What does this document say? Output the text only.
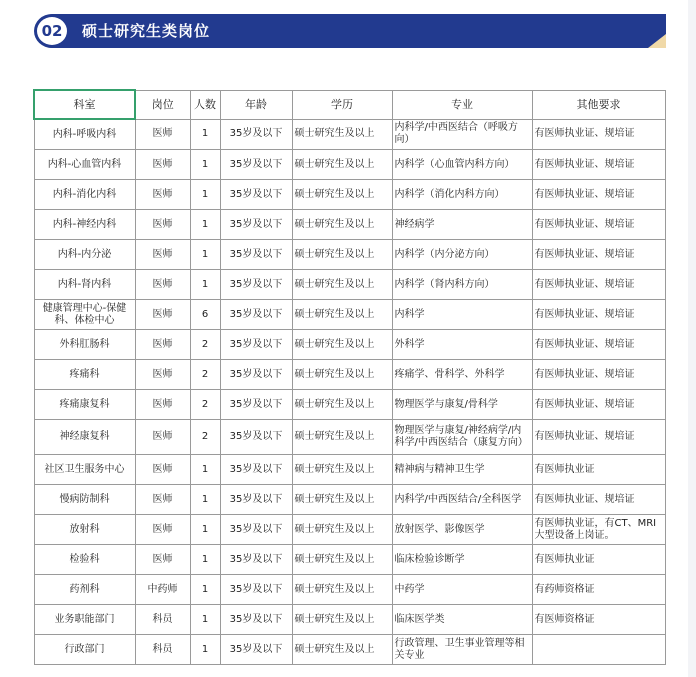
02 硕士研究生类岗位
科室	岗位	人数	年龄	学历	专业	其他要求
内科-呼吸内科	医师	1	35岁及以下	硕士研究生及以上	内科学/中西医结合（呼吸方向）	有医师执业证、规培证
内科-心血管内科	医师	1	35岁及以下	硕士研究生及以上	内科学（心血管内科方向）	有医师执业证、规培证
内科-消化内科	医师	1	35岁及以下	硕士研究生及以上	内科学（消化内科方向）	有医师执业证、规培证
内科-神经内科	医师	1	35岁及以下	硕士研究生及以上	神经病学	有医师执业证、规培证
内科-内分泌	医师	1	35岁及以下	硕士研究生及以上	内科学（内分泌方向）	有医师执业证、规培证
内科-肾内科	医师	1	35岁及以下	硕士研究生及以上	内科学（肾内科方向）	有医师执业证、规培证
健康管理中心-保健科、体检中心	医师	6	35岁及以下	硕士研究生及以上	内科学	有医师执业证、规培证
外科肛肠科	医师	2	35岁及以下	硕士研究生及以上	外科学	有医师执业证、规培证
疼痛科	医师	2	35岁及以下	硕士研究生及以上	疼痛学、骨科学、外科学	有医师执业证、规培证
疼痛康复科	医师	2	35岁及以下	硕士研究生及以上	物理医学与康复/骨科学	有医师执业证、规培证
神经康复科	医师	2	35岁及以下	硕士研究生及以上	物理医学与康复/神经病学/内科学/中西医结合（康复方向）	有医师执业证、规培证
社区卫生服务中心	医师	1	35岁及以下	硕士研究生及以上	精神病与精神卫生学	有医师执业证
慢病防制科	医师	1	35岁及以下	硕士研究生及以上	内科学/中西医结合/全科医学	有医师执业证、规培证
放射科	医师	1	35岁及以下	硕士研究生及以上	放射医学、影像医学	有医师执业证，有CT、MRI大型设备上岗证。
检验科	医师	1	35岁及以下	硕士研究生及以上	临床检验诊断学	有医师执业证
药剂科	中药师	1	35岁及以下	硕士研究生及以上	中药学	有药师资格证
业务职能部门	科员	1	35岁及以下	硕士研究生及以上	临床医学类	有医师资格证
行政部门	科员	1	35岁及以下	硕士研究生及以上	行政管理、卫生事业管理等相关专业	
